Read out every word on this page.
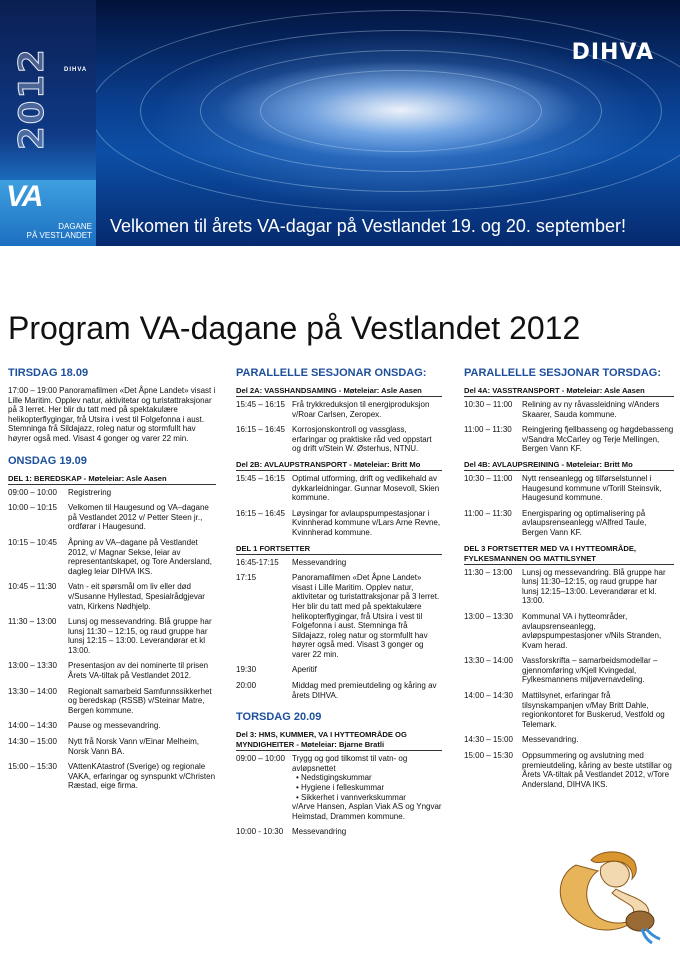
2012 DIHVA
VA
DAGANE
PÅ VESTLANDET
DIHVA
Velkomen til årets VA-dagar på Vestlandet 19. og 20. september!
Program VA-dagane på Vestlandet 2012
TIRSDAG 18.09
17:00 – 19:00 Panoramafilmen «Det Åpne Landet» visast i Lille Maritim. Opplev natur, aktivitetar og turistattraksjonar på 3 lerret. Her blir du tatt med på spektakulære helikopterflygingar, frå Utsira i vest til Folgefonna i aust. Stemninga frå Sildajazz, roleg natur og stormfullt hav høyrer også med. Visast 4 gonger og varer 22 min.
ONSDAG 19.09
DEL 1: BEREDSKAP - Møteleiar: Asle Aasen
09:00 – 10:00	Registrering
10:00 – 10:15	Velkomen til Haugesund og VA–dagane på Vestlandet 2012 v/ Petter Steen jr., ordførar i Haugesund.
10:15 – 10:45	Åpning av VA–dagane på Vestlandet 2012, v/ Magnar Sekse, leiar av representantskapet, og Tore Andersland, dagleg leiar DIHVA IKS.
10:45 – 11:30	Vatn - eit spørsmål om liv eller død v/Susanne Hyllestad, Spesialrådgjevar vatn, Kirkens Nødhjelp.
11:30 – 13:00	Lunsj og messevandring. Blå gruppe har lunsj 11:30 – 12:15, og raud gruppe har lunsj 12:15 – 13:00. Leverandørar et kl 13:00.
13:00 – 13:30	Presentasjon av dei nominerte til prisen Årets VA-tiltak på Vestlandet 2012.
13:30 – 14:00	Regionalt samarbeid Samfunnssikkerhet og beredskap (RSSB) v/Steinar Matre, Bergen kommune.
14:00 – 14:30	Pause og messevandring.
14:30 – 15:00	Nytt frå Norsk Vann v/Einar Melheim, Norsk Vann BA.
15:00 – 15:30	VAttenKAtastrof (Sverige) og regionale VAKA, erfaringar og synspunkt v/Christen Ræstad, eige firma.
PARALLELLE SESJONAR ONSDAG:
Del 2A: VASSHANDSAMING - Møteleiar: Asle Aasen
15:45 – 16:15 Frå trykkreduksjon til energiproduksjon v/Roar Carlsen, Zeropex.
16:15 – 16:45 Korrosjonskontroll og vassglass, erfaringar og praktiske råd ved oppstart og drift v/Stein W. Østerhus, NTNU.
Del 2B: AVLAUPSTRANSPORT - Møteleiar: Britt Mo
15:45 – 16:15 Optimal utforming, drift og vedlikehald av dykkarleidningar. Gunnar Mosevoll, Skien kommune.
16:15 – 16:45 Løysingar for avlaupspumpestasjonar i Kvinnherad kommune v/Lars Arne Revne, Kvinnherad kommune.
DEL 1 FORTSETTER
16:45-17:15	Messevandring
17:15	Panoramafilmen «Det Åpne Landet» visast i Lille Maritim. Opplev natur, aktivitetar og turistattraksjonar på 3 lerret. Her blir du tatt med på spektakulære helikopterflygingar, frå Utsira i vest til Folgefonna i aust. Stemninga frå Sildajazz, roleg natur og stormfullt hav høyrer også med. Visast 3 gonger og varer 22 min.
19:30	Aperitif
20:00	Middag med premieutdeling og kåring av årets DIHVA.
TORSDAG 20.09
Del 3: HMS, KUMMER, VA I HYTTEOMRÅDE OG MYNDIGHEITER - Møteleiar: Bjarne Bratli
09:00 – 10:00 Trygg og god tilkomst til vatn- og avløpsnettet
• Nedstigingskummar
• Hygiene i felleskummar
• Sikkerhet i vannverkskummar
v/Arve Hansen, Asplan Viak AS og Yngvar Heimstad, Drammen kommune.
10:00 - 10:30	Messevandring
PARALLELLE SESJONAR TORSDAG:
Del 4A: VASSTRANSPORT - Møteleiar: Asle Aasen
10:30 – 11:00	Relining av ny råvassleidning v/Anders Skaarer, Sauda kommune.
11:00 – 11:30	Reingjering fjellbasseng og høgdebasseng v/Sandra McCarley og Terje Mellingen, Bergen Vann KF.
Del 4B: AVLAUPSREINING - Møteleiar: Britt Mo
10:30 – 11:00	Nytt renseanlegg og tilførselstunnel i Haugesund kommune v/Torill Steinsvik, Haugesund kommune.
11:00 – 11:30	Energisparing og optimalisering på avlaupsrenseanlegg v/Alfred Taule, Bergen Vann KF.
DEL 3 FORTSETTER MED VA I HYTTEOMRÅDE, FYLKESMANNEN OG MATTILSYNET
11:30 – 13:00	Lunsj og messevandring. Blå gruppe har lunsj 11:30–12:15, og raud gruppe har lunsj 12:15–13:00. Leverandørar et kl. 13:00.
13:00 – 13:30	Kommunal VA i hytteområder, avlaupsrenseanlegg, avløpspumpestasjoner v/Nils Stranden, Kvam herad.
13:30 – 14:00	Vassforskrifta – samarbeidsmodellar – gjennomføring v/Kjell Kvingedal, Fylkesmannens miljøvernavdeling.
14:00 – 14:30	Mattilsynet, erfaringar frå tilsynskampanjen v/May Britt Dahle, regionkontoret for Buskerud, Vestfold og Telemark.
14:30 – 15:00	Messevandring.
15:00 – 15:30	Oppsummering og avslutning med premieutdeling, kåring av beste utstillar og Årets VA-tiltak på Vestlandet 2012, v/Tore Andersland, DIHVA IKS.
